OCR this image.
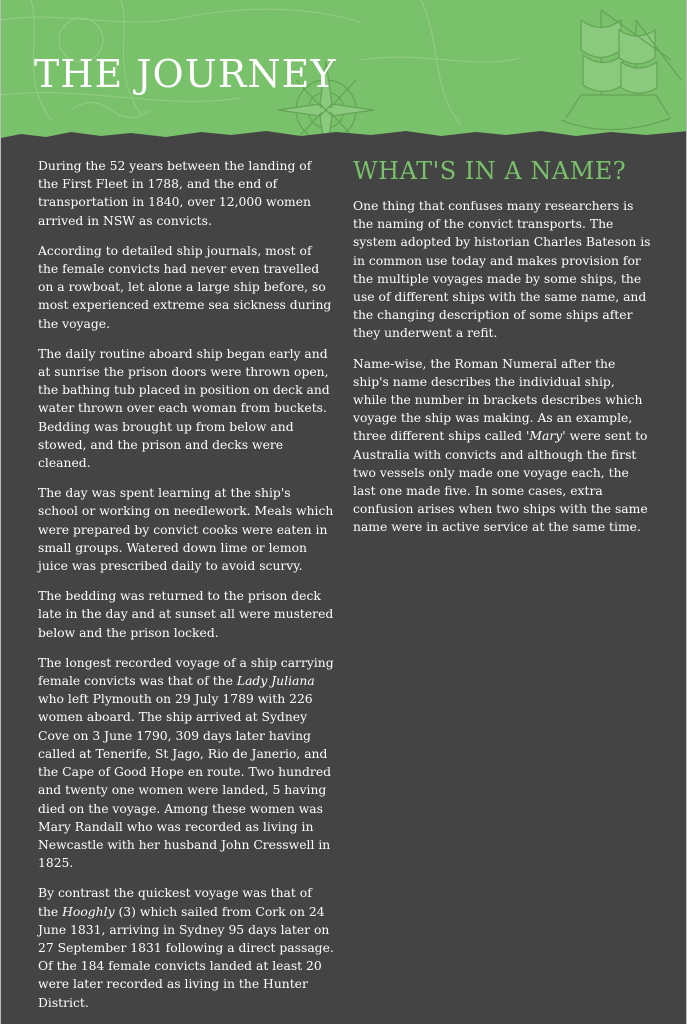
THE JOURNEY

During the 52 years between the landing of the First Fleet in 1788, and the end of transportation in 1840, over 12,000 women arrived in NSW as convicts.

According to detailed ship journals, most of the female convicts had never even travelled on a rowboat, let alone a large ship before, so most experienced extreme sea sickness during the voyage.

The daily routine aboard ship began early and at sunrise the prison doors were thrown open, the bathing tub placed in position on deck and water thrown over each woman from buckets. Bedding was brought up from below and stowed, and the prison and decks were cleaned.

The day was spent learning at the ship's school or working on needlework. Meals which were prepared by convict cooks were eaten in small groups. Watered down lime or lemon juice was prescribed daily to avoid scurvy.

The bedding was returned to the prison deck late in the day and at sunset all were mustered below and the prison locked.

The longest recorded voyage of a ship carrying female convicts was that of the Lady Juliana who left Plymouth on 29 July 1789 with 226 women aboard. The ship arrived at Sydney Cove on 3 June 1790, 309 days later having called at Tenerife, St Jago, Rio de Janerio, and the Cape of Good Hope en route. Two hundred and twenty one women were landed, 5 having died on the voyage. Among these women was Mary Randall who was recorded as living in Newcastle with her husband John Cresswell in 1825.

By contrast the quickest voyage was that of the Hooghly (3) which sailed from Cork on 24 June 1831, arriving in Sydney 95 days later on 27 September 1831 following a direct passage. Of the 184 female convicts landed at least 20 were later recorded as living in the Hunter District.

WHAT'S IN A NAME?

One thing that confuses many researchers is the naming of the convict transports. The system adopted by historian Charles Bateson is in common use today and makes provision for the multiple voyages made by some ships, the use of different ships with the same name, and the changing description of some ships after they underwent a refit.

Name-wise, the Roman Numeral after the ship's name describes the individual ship, while the number in brackets describes which voyage the ship was making. As an example, three different ships called 'Mary' were sent to Australia with convicts and although the first two vessels only made one voyage each, the last one made five. In some cases, extra confusion arises when two ships with the same name were in active service at the same time.
